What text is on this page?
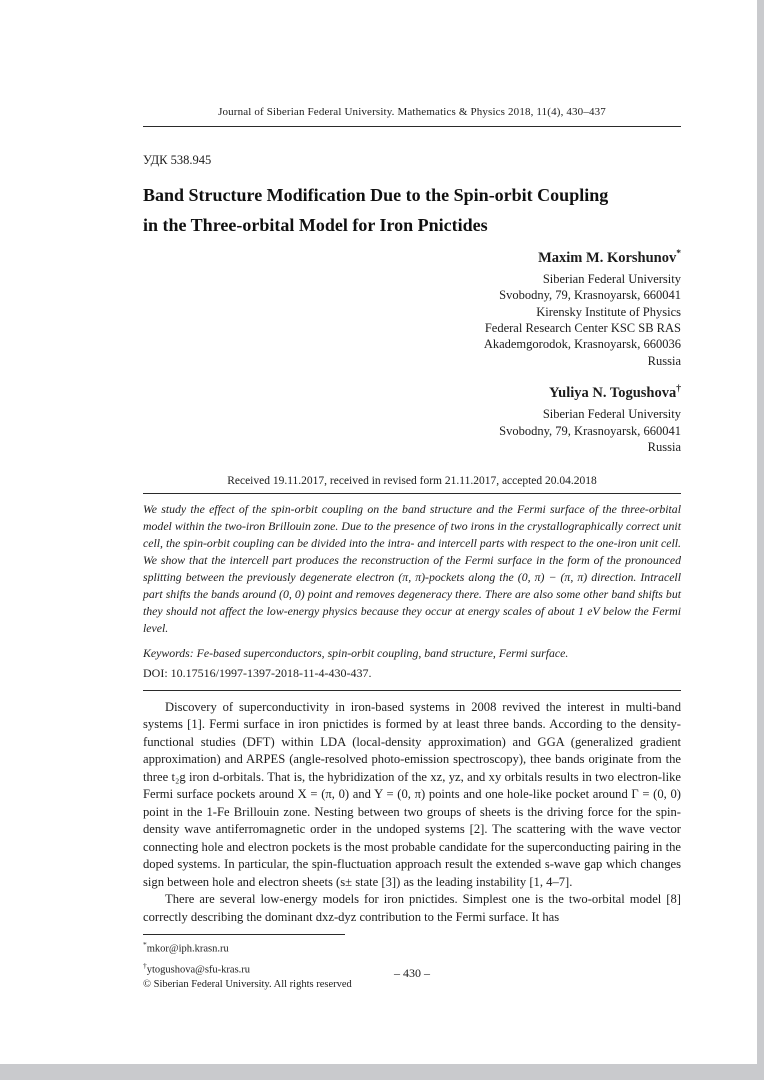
Journal of Siberian Federal University. Mathematics & Physics 2018, 11(4), 430–437
УДК 538.945
Band Structure Modification Due to the Spin-orbit Coupling
in the Three-orbital Model for Iron Pnictides
Maxim M. Korshunov*
Siberian Federal University
Svobodny, 79, Krasnoyarsk, 660041
Kirensky Institute of Physics
Federal Research Center KSC SB RAS
Akademgorodok, Krasnoyarsk, 660036
Russia
Yuliya N. Togushova†
Siberian Federal University
Svobodny, 79, Krasnoyarsk, 660041
Russia
Received 19.11.2017, received in revised form 21.11.2017, accepted 20.04.2018
We study the effect of the spin-orbit coupling on the band structure and the Fermi surface of the three-orbital model within the two-iron Brillouin zone. Due to the presence of two irons in the crystallographically correct unit cell, the spin-orbit coupling can be divided into the intra- and intercell parts with respect to the one-iron unit cell. We show that the intercell part produces the reconstruction of the Fermi surface in the form of the pronounced splitting between the previously degenerate electron (π, π)-pockets along the (0, π) − (π, π) direction. Intracell part shifts the bands around (0, 0) point and removes degeneracy there. There are also some other band shifts but they should not affect the low-energy physics because they occur at energy scales of about 1 eV below the Fermi level.
Keywords: Fe-based superconductors, spin-orbit coupling, band structure, Fermi surface.
DOI: 10.17516/1997-1397-2018-11-4-430-437.

Discovery of superconductivity in iron-based systems in 2008 revived the interest in multi-band systems [1]. Fermi surface in iron pnictides is formed by at least three bands. According to the density-functional studies (DFT) within LDA (local-density approximation) and GGA (generalized gradient approximation) and ARPES (angle-resolved photo-emission spectroscopy), thee bands originate from the three t₂g iron d-orbitals. That is, the hybridization of the xz, yz, and xy orbitals results in two electron-like Fermi surface pockets around X = (π, 0) and Y = (0, π) points and one hole-like pocket around Γ = (0, 0) point in the 1-Fe Brillouin zone. Nesting between two groups of sheets is the driving force for the spin-density wave antiferromagnetic order in the undoped systems [2]. The scattering with the wave vector connecting hole and electron pockets is the most probable candidate for the superconducting pairing in the doped systems. In particular, the spin-fluctuation approach result the extended s-wave gap which changes sign between hole and electron sheets (s± state [3]) as the leading instability [1, 4–7].

There are several low-energy models for iron pnictides. Simplest one is the two-orbital model [8] correctly describing the dominant dxz-dyz contribution to the Fermi surface. It has

*mkor@iph.krasn.ru
†ytogushova@sfu-kras.ru
© Siberian Federal University. All rights reserved
– 430 –
